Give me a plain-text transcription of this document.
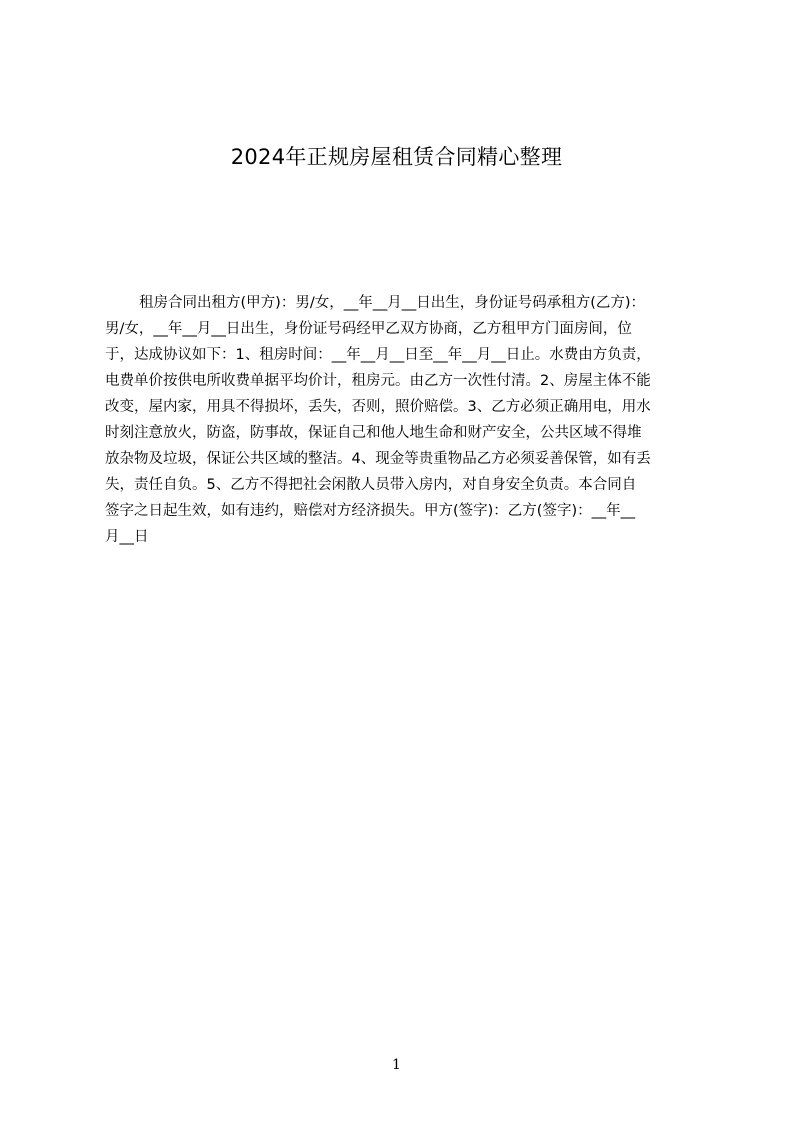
2024年正规房屋租赁合同精心整理
租房合同出租方(甲方)：男/女，__年__月__日出生，身份证号码承租方(乙方)：
男/女，__年__月__日出生，身份证号码经甲乙双方协商，乙方租甲方门面房间，位
于，达成协议如下：1、租房时间：__年__月__日至__年__月__日止。水费由方负责，
电费单价按供电所收费单据平均价计，租房元。由乙方一次性付清。2、房屋主体不能
改变，屋内家，用具不得损坏，丢失，否则，照价赔偿。3、乙方必须正确用电，用水
时刻注意放火，防盗，防事故，保证自己和他人地生命和财产安全，公共区域不得堆
放杂物及垃圾，保证公共区域的整洁。4、现金等贵重物品乙方必须妥善保管，如有丢
失，责任自负。5、乙方不得把社会闲散人员带入房内，对自身安全负责。本合同自
签字之日起生效，如有违约，赔偿对方经济损失。甲方(签字)：乙方(签字)：__年__
月__日
1
